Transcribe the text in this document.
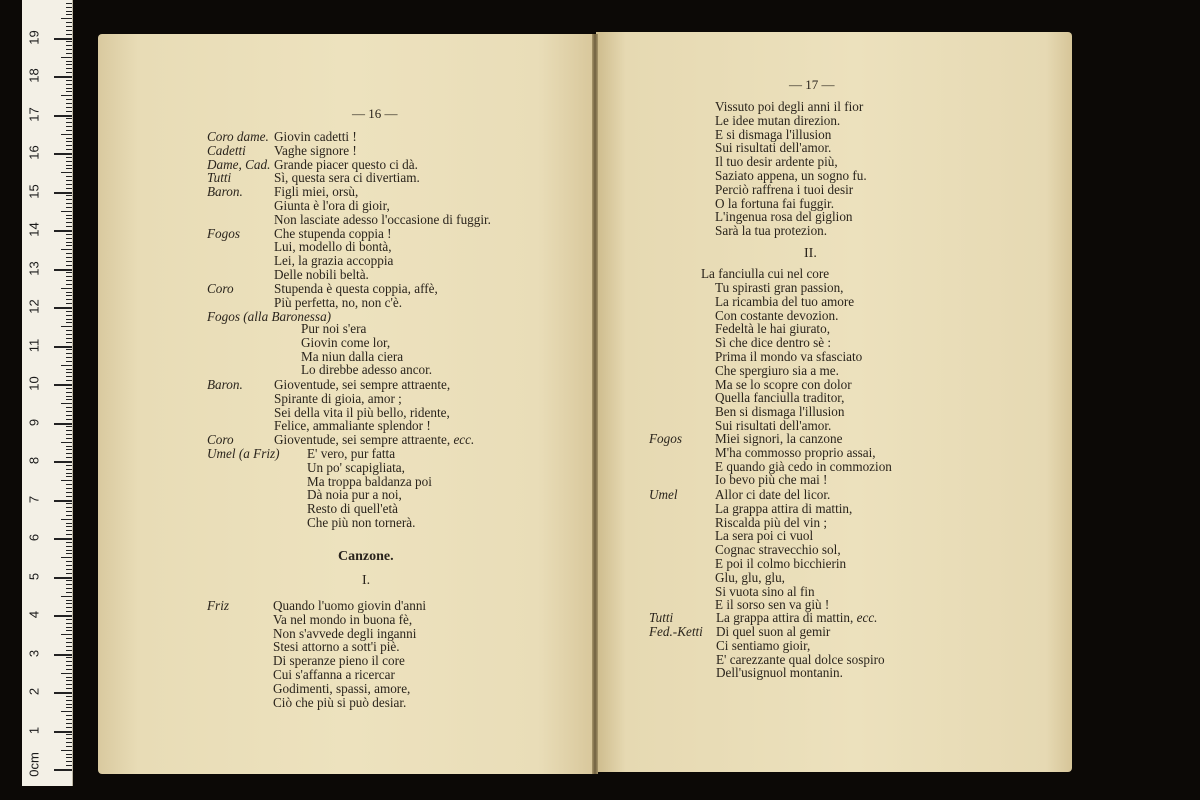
0cm
1
2
3
4
5
6
7
8
9
10
11
12
13
14
15
16
17
18
19
— 16 —
Coro dame. Giovin cadetti !
Cadetti Vaghe signore !
Dame, Cad. Grande piacer questo ci dà.
Tutti	Sì, questa sera ci divertiam.
Baron. Figli miei, orsù,
Giunta è l'ora di gioir,
Non lasciate adesso l'occasione di fuggir.
Fogos	Che stupenda coppia !
Lui, modello di bontà,
Lei, la grazia accoppia
Delle nobili beltà.
Coro	Stupenda è questa coppia, affè,
Più perfetta, no, non c'è.
Fogos (alla Baronessa)
Pur noi s'era
Giovin come lor,
Ma niun dalla ciera
Lo direbbe adesso ancor.
Baron. Gioventude, sei sempre attraente,
Spirante di gioia, amor ;
Sei della vita il più bello, ridente,
Felice, ammaliante splendor !
Coro	Gioventude, sei sempre attraente, ecc.
Umel (a Friz) E' vero, pur fatta
Un po' scapigliata,
Ma troppa baldanza poi
Dà noia pur a noi,
Resto di quell'età
Che più non tornerà.
Canzone.
I.
Friz	Quando l'uomo giovin d'anni
Va nel mondo in buona fè,
Non s'avvede degli inganni
Stesi attorno a sott'i piè.
Di speranze pieno il core
Cui s'affanna a ricercar
Godimenti, spassi, amore,
Ciò che più si può desiar.
— 17 —
Vissuto poi degli anni il fior
Le idee mutan direzion.
E si dismaga l'illusion
Sui risultati dell'amor.
Il tuo desir ardente più,
Saziato appena, un sogno fu.
Perciò raffrena i tuoi desir
O la fortuna fai fuggir.
L'ingenua rosa del giglion
Sarà la tua protezion.
II.
La fanciulla cui nel core
Tu spirasti gran passion,
La ricambia del tuo amore
Con costante devozion.
Fedeltà le hai giurato,
Sì che dice dentro sè :
Prima il mondo va sfasciato
Che spergiuro sia a me.
Ma se lo scopre con dolor
Quella fanciulla traditor,
Ben si dismaga l'illusion
Sui risultati dell'amor.
Fogos	Miei signori, la canzone
M'ha commosso proprio assai,
E quando già cedo in commozion
Io bevo più che mai !
Umel	Allor ci date del licor.
La grappa attira di mattin,
Riscalda più del vin ;
La sera poi ci vuol
Cognac stravecchio sol,
E poi il colmo bicchierin
Glu, glu, glu,
Si vuota sino al fin
E il sorso sen va giù !
Tutti	La grappa attira di mattin, ecc.
Fed.-Ketti Di quel suon al gemir
Ci sentiamo gioir,
E' carezzante qual dolce sospiro
Dell'usignuol montanin.
